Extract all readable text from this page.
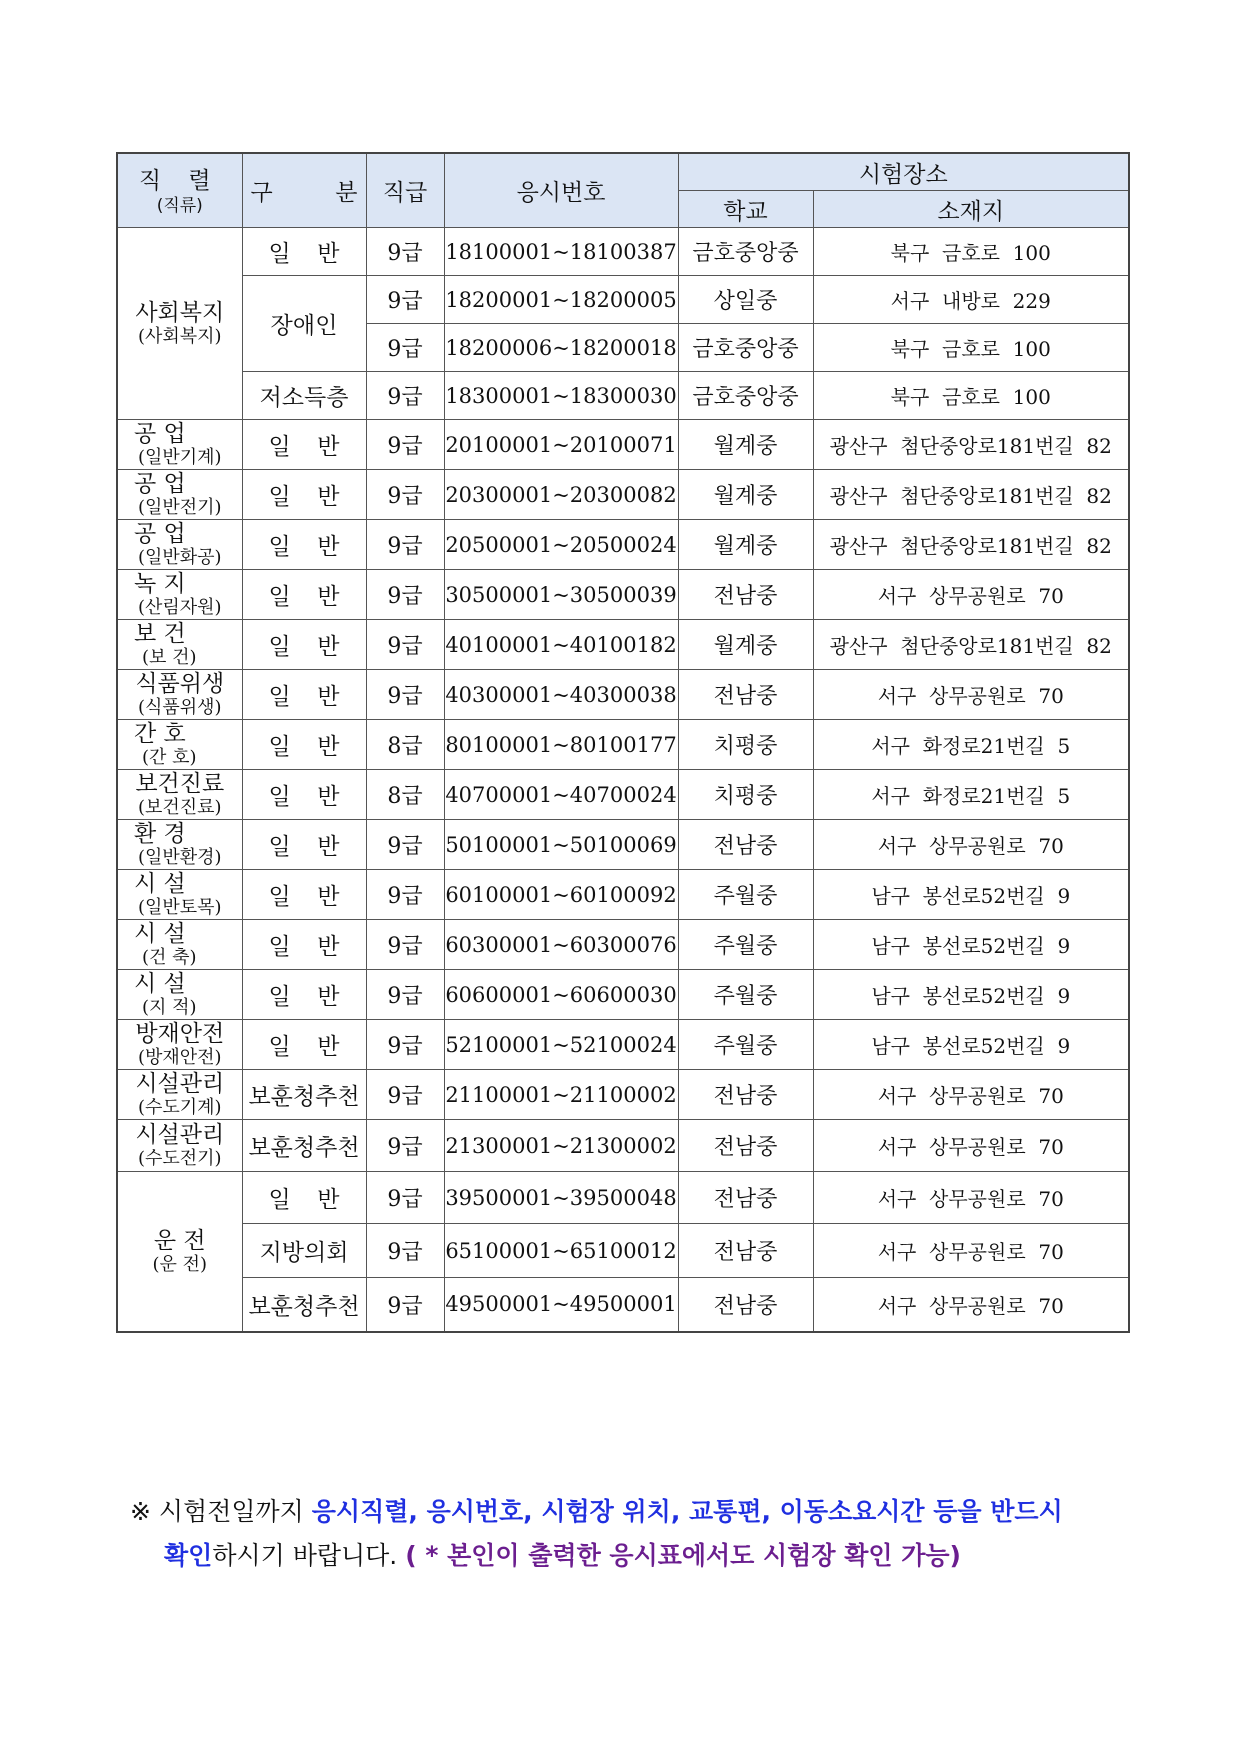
직 렬
(직류)	구 분	직급	응시번호	시험장소	
				학교	소재지

사회복지
(사회복지)	일 반	9급	18100001~18100387	금호중앙중	북구  금호로  100

	장 애 인	9급	18200001~18200005	상일중	서구  내방로  229
		9급	18200006~18200018	금호중앙중	북구  금호로  100
	저소득층	9급	18300001~18300030	금호중앙중	북구  금호로  100

공 업
(일반기계)	일 반	9급	20100001~20100071	월계중	광산구  첨단중앙로181번길  82

공 업
(일반전기)	일 반	9급	20300001~20300082	월계중	광산구  첨단중앙로181번길  82

공 업
(일반화공)	일 반	9급	20500001~20500024	월계중	광산구  첨단중앙로181번길  82

녹 지
(산림자원)	일 반	9급	30500001~30500039	전남중	서구  상무공원로  70

보 건
(보 건)	일 반	9급	40100001~40100182	월계중	광산구  첨단중앙로181번길  82

식품위생
(식품위생)	일 반	9급	40300001~40300038	전남중	서구  상무공원로  70

간 호
(간 호)	일 반	8급	80100001~80100177	치평중	서구  화정로21번길  5

보건진료
(보건진료)	일 반	8급	40700001~40700024	치평중	서구  화정로21번길  5

환 경
(일반환경)	일 반	9급	50100001~50100069	전남중	서구  상무공원로  70

시 설
(일반토목)	일 반	9급	60100001~60100092	주월중	남구  봉선로52번길  9

시 설
(건 축)	일 반	9급	60300001~60300076	주월중	남구  봉선로52번길  9

시 설
(지 적)	일 반	9급	60600001~60600030	주월중	남구  봉선로52번길  9

방재안전
(방재안전)	일 반	9급	52100001~52100024	주월중	남구  봉선로52번길  9

시설관리
(수도기계)	보훈청추천	9급	21100001~21100002	전남중	서구  상무공원로  70

시설관리
(수도전기)	보훈청추천	9급	21300001~21300002	전남중	서구  상무공원로  70

운 전
(운 전)	일 반	9급	39500001~39500048	전남중	서구  상무공원로  70
	지방의회	9급	65100001~65100012	전남중	서구  상무공원로  70
	보훈청추천	9급	49500001~49500001	전남중	서구  상무공원로  70
※ 시험전일까지 응시직렬, 응시번호, 시험장 위치, 교통편, 이동소요시간 등을 반드시
확인하시기 바랍니다. ( * 본인이 출력한 응시표에서도 시험장 확인 가능)
